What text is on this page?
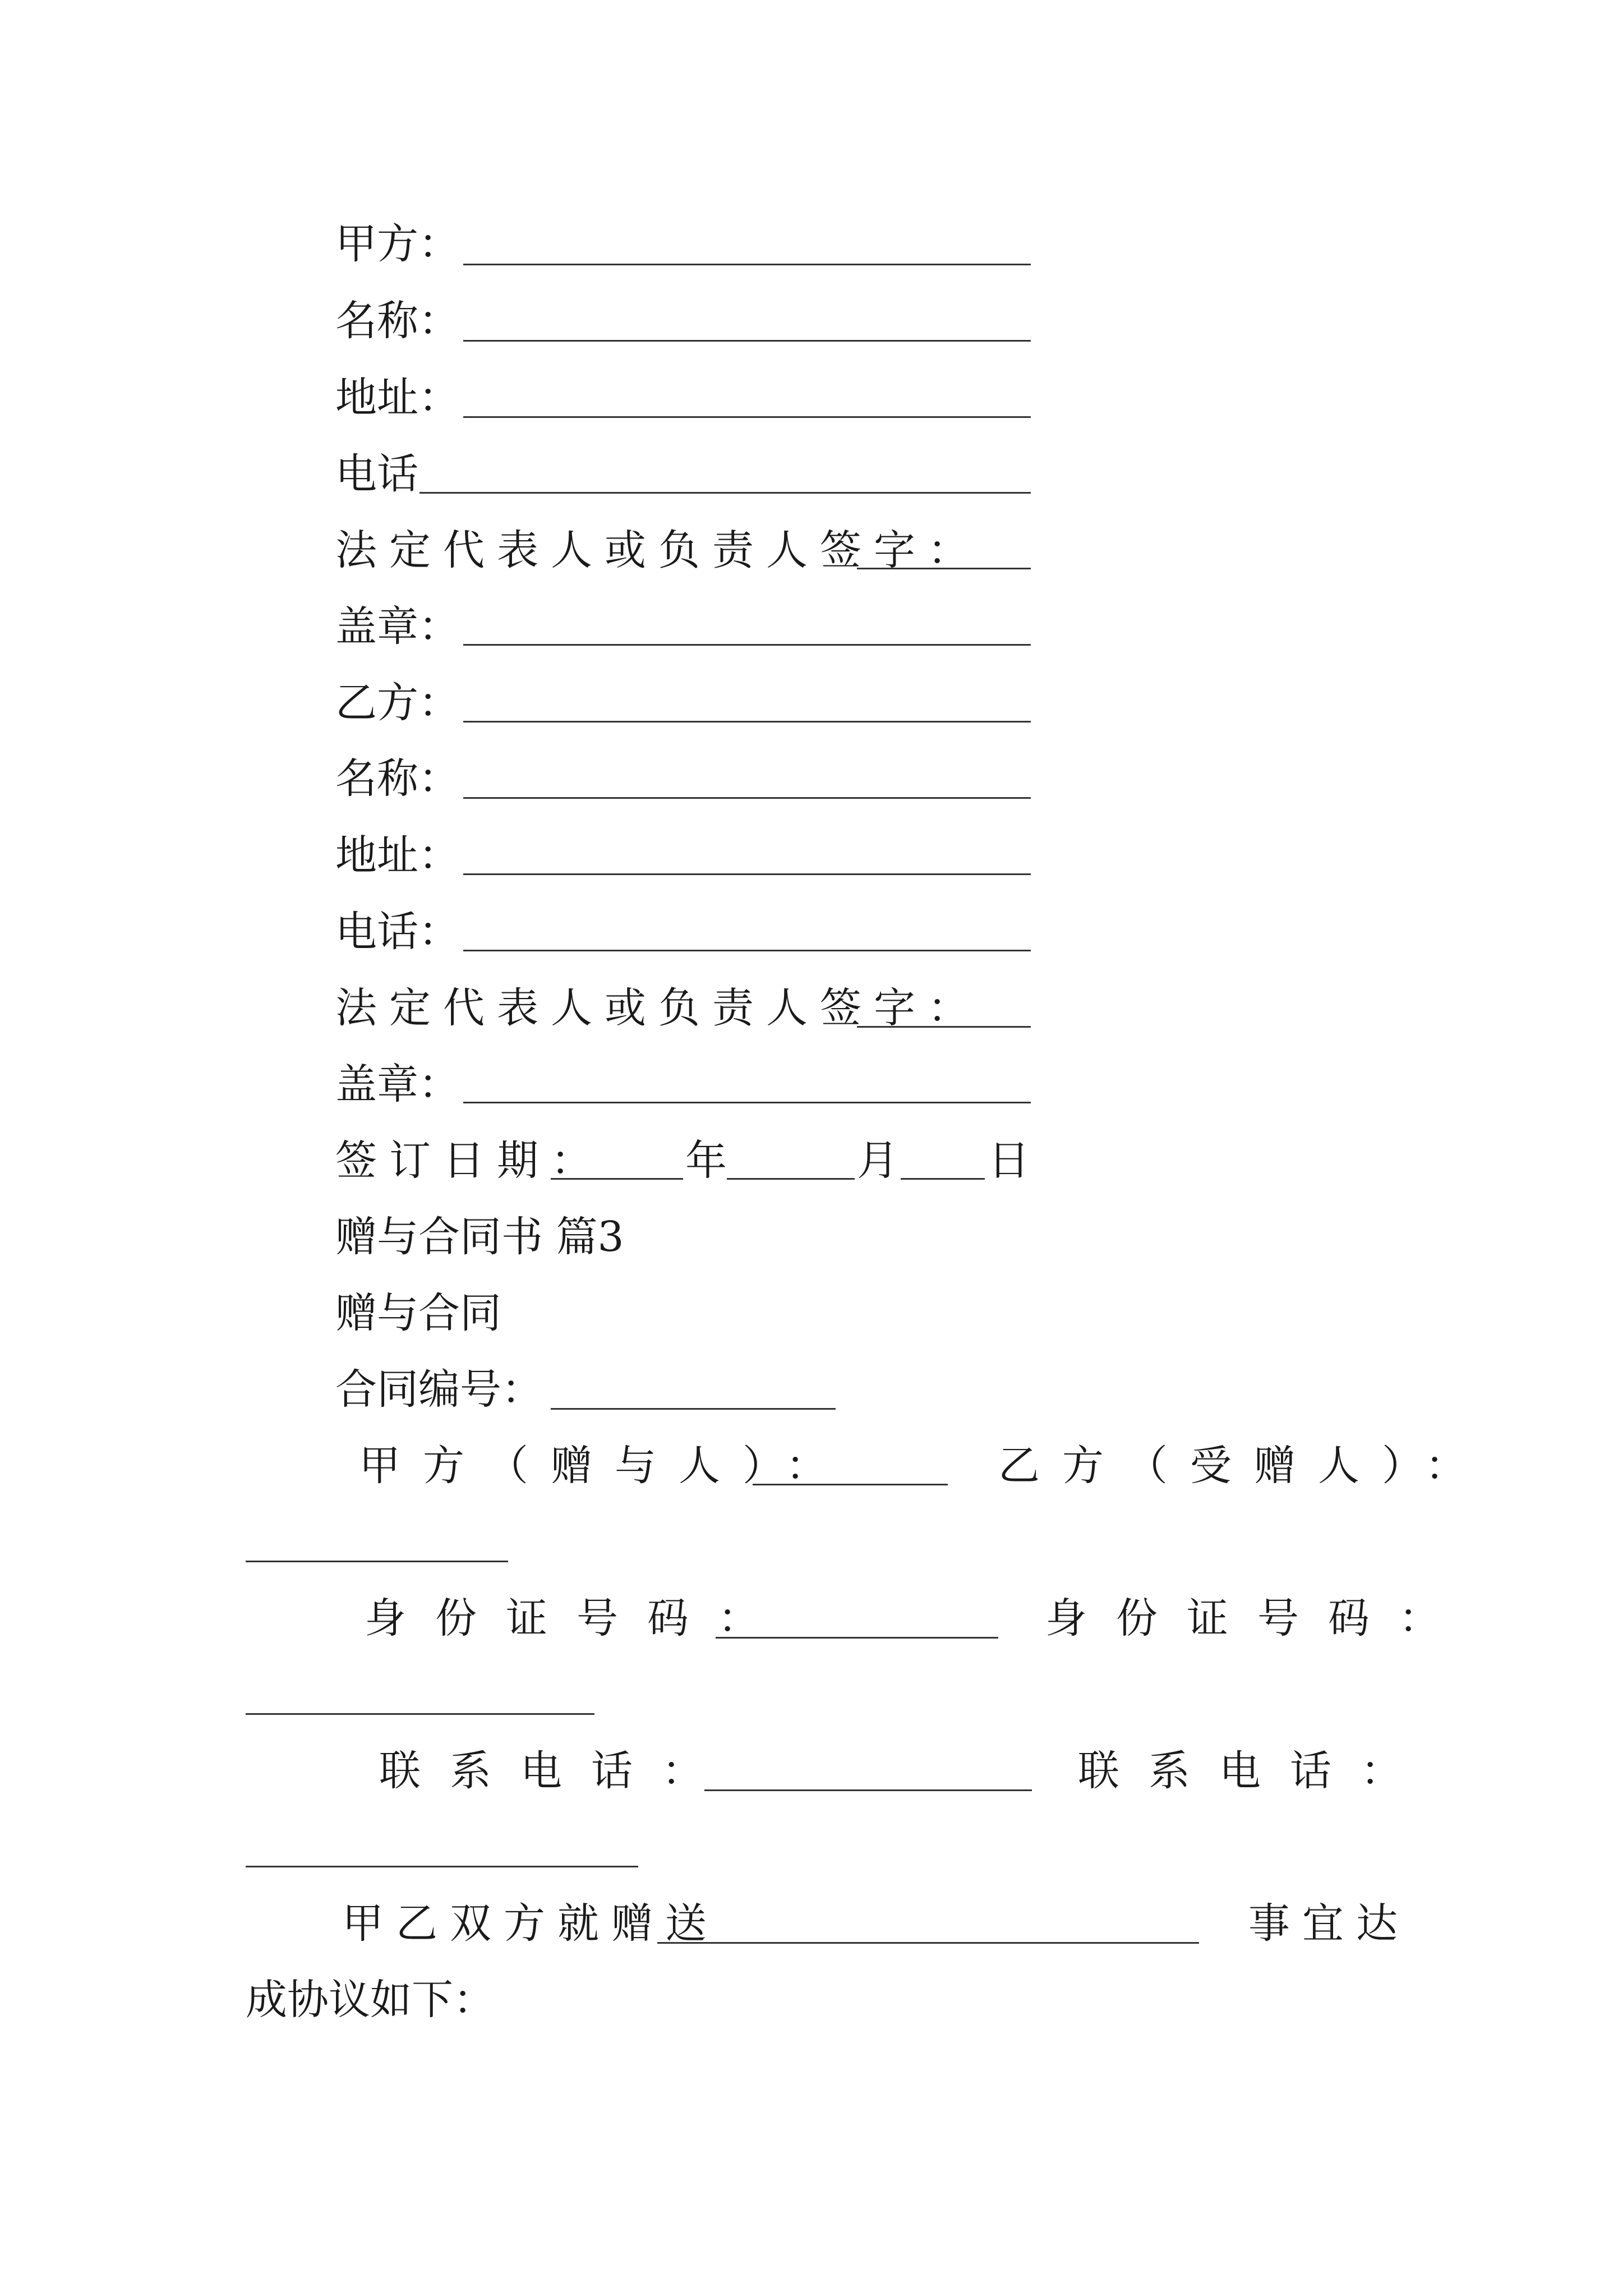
甲方：
名称：
地址：
电话
法定代表人或负责人签字：
盖章：
乙方：
名称：
地址：
电话：
法定代表人或负责人签字：
盖章：
签订日期： 年	月 日
赠与合同书 篇3
赠与合同
合同编号：
甲方（赠与人）：	乙方（受赠人）：
身份证号码：	身份证号码：
联系电话：	联系电话：
甲乙双方就赠送	事宜达
成协议如下：
